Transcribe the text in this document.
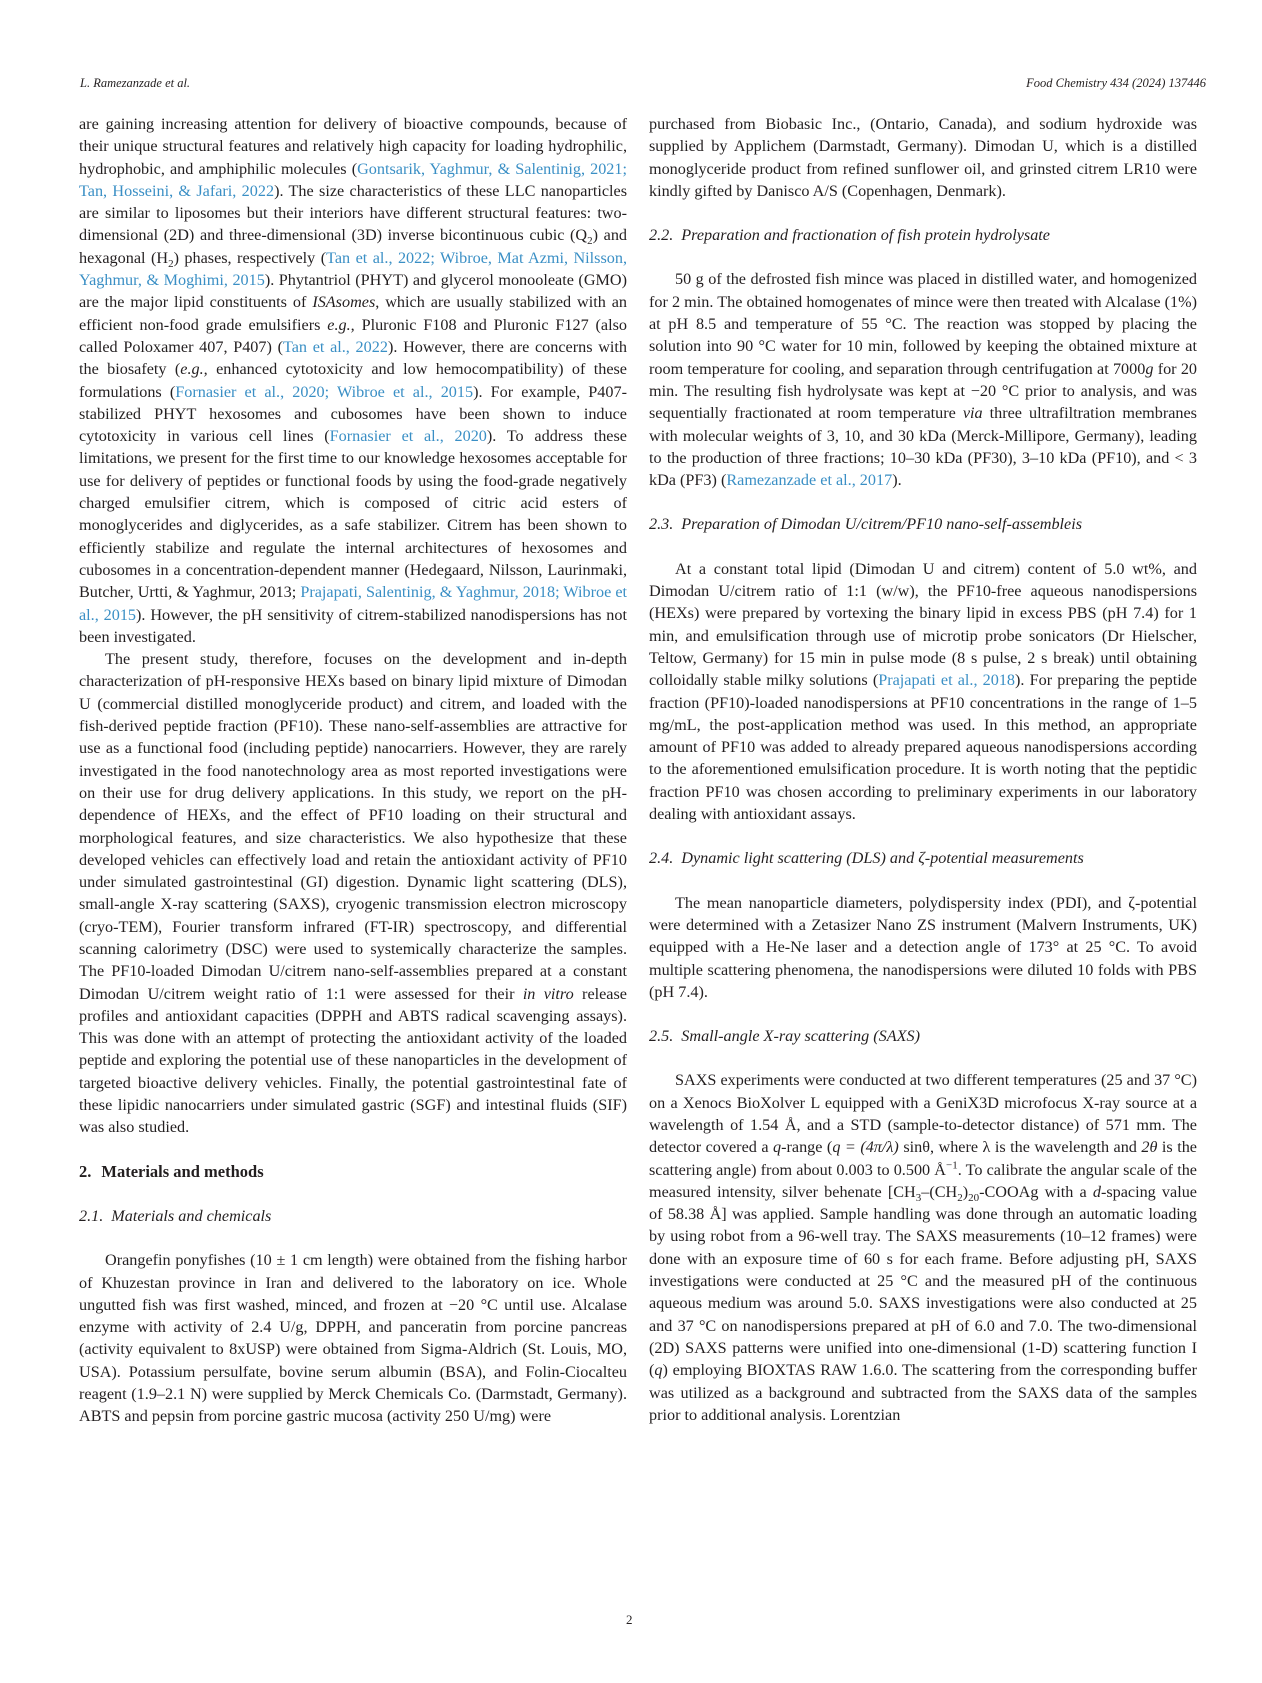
L. Ramezanzade et al.	Food Chemistry 434 (2024) 137446

are gaining increasing attention for delivery of bioactive compounds, because of their unique structural features and relatively high capacity for loading hydrophilic, hydrophobic, and amphiphilic molecules (Gontsarik, Yaghmur, & Salentinig, 2021; Tan, Hosseini, & Jafari, 2022). The size characteristics of these LLC nanoparticles are similar to liposomes but their interiors have different structural features: two-dimensional (2D) and three-dimensional (3D) inverse bicontinuous cubic $(Q_2)$ and hexagonal $(H_2)$ phases, respectively (Tan et al., 2022; Wibroe, Mat Azmi, Nilsson, Yaghmur, & Moghimi, 2015). Phytantriol (PHYT) and glycerol monooleate (GMO) are the major lipid constituents of ISAsomes, which are usually stabilized with an efficient non-food grade emulsifiers e.g., Pluronic F108 and Pluronic F127 (also called Poloxamer 407, P407) (Tan et al., 2022). However, there are concerns with the biosafety (e.g., enhanced cytotoxicity and low hemocompatibility) of these formulations (Fornasier et al., 2020; Wibroe et al., 2015). For example, P407-stabilized PHYT hexosomes and cubosomes have been shown to induce cytotoxicity in various cell lines (Fornasier et al., 2020). To address these limitations, we present for the first time to our knowledge hexosomes acceptable for use for delivery of peptides or functional foods by using the food-grade negatively charged emulsifier citrem, which is composed of citric acid esters of monoglycerides and diglycerides, as a safe stabilizer. Citrem has been shown to efficiently stabilize and regulate the internal architectures of hexosomes and cubosomes in a concentration-dependent manner (Hedegaard, Nilsson, Laurinmaki, Butcher, Urtti, & Yaghmur, 2013; Prajapati, Salentinig, & Yaghmur, 2018; Wibroe et al., 2015). However, the pH sensitivity of citrem-stabilized nanodispersions has not been investigated.

The present study, therefore, focuses on the development and in-depth characterization of pH-responsive HEXs based on binary lipid mixture of Dimodan U (commercial distilled monoglyceride product) and citrem, and loaded with the fish-derived peptide fraction (PF10). These nano-self-assemblies are attractive for use as a functional food (including peptide) nanocarriers. However, they are rarely investigated in the food nanotechnology area as most reported investigations were on their use for drug delivery applications. In this study, we report on the pH-dependence of HEXs, and the effect of PF10 loading on their structural and morphological features, and size characteristics. We also hypothesize that these developed vehicles can effectively load and retain the antioxidant activity of PF10 under simulated gastrointestinal (GI) digestion. Dynamic light scattering (DLS), small-angle X-ray scattering (SAXS), cryogenic transmission electron microscopy (cryo-TEM), Fourier transform infrared (FT-IR) spectroscopy, and differential scanning calorimetry (DSC) were used to systemically characterize the samples. The PF10-loaded Dimodan U/citrem nano-self-assemblies prepared at a constant Dimodan U/citrem weight ratio of 1:1 were assessed for their in vitro release profiles and antioxidant capacities (DPPH and ABTS radical scavenging assays). This was done with an attempt of protecting the antioxidant activity of the loaded peptide and exploring the potential use of these nanoparticles in the development of targeted bioactive delivery vehicles. Finally, the potential gastrointestinal fate of these lipidic nanocarriers under simulated gastric (SGF) and intestinal fluids (SIF) was also studied.

2. Materials and methods

2.1. Materials and chemicals

Orangefin ponyfishes (10 ± 1 cm length) were obtained from the fishing harbor of Khuzestan province in Iran and delivered to the laboratory on ice. Whole ungutted fish was first washed, minced, and frozen at −20 °C until use. Alcalase enzyme with activity of 2.4 U/g, DPPH, and panceratin from porcine pancreas (activity equivalent to 8xUSP) were obtained from Sigma-Aldrich (St. Louis, MO, USA). Potassium persulfate, bovine serum albumin (BSA), and Folin-Ciocalteu reagent (1.9–2.1 N) were supplied by Merck Chemicals Co. (Darmstadt, Germany). ABTS and pepsin from porcine gastric mucosa (activity 250 U/mg) were

purchased from Biobasic Inc., (Ontario, Canada), and sodium hydroxide was supplied by Applichem (Darmstadt, Germany). Dimodan U, which is a distilled monoglyceride product from refined sunflower oil, and grinsted citrem LR10 were kindly gifted by Danisco A/S (Copenhagen, Denmark).

2.2. Preparation and fractionation of fish protein hydrolysate

50 g of the defrosted fish mince was placed in distilled water, and homogenized for 2 min. The obtained homogenates of mince were then treated with Alcalase (1%) at pH 8.5 and temperature of 55 °C. The reaction was stopped by placing the solution into 90 °C water for 10 min, followed by keeping the obtained mixture at room temperature for cooling, and separation through centrifugation at 7000g for 20 min. The resulting fish hydrolysate was kept at −20 °C prior to analysis, and was sequentially fractionated at room temperature via three ultrafiltration membranes with molecular weights of 3, 10, and 30 kDa (Merck-Millipore, Germany), leading to the production of three fractions; 10–30 kDa (PF30), 3–10 kDa (PF10), and < 3 kDa (PF3) (Ramezanzade et al., 2017).

2.3. Preparation of Dimodan U/citrem/PF10 nano-self-assembleis

At a constant total lipid (Dimodan U and citrem) content of 5.0 wt%, and Dimodan U/citrem ratio of 1:1 (w/w), the PF10-free aqueous nanodispersions (HEXs) were prepared by vortexing the binary lipid in excess PBS (pH 7.4) for 1 min, and emulsification through use of microtip probe sonicators (Dr Hielscher, Teltow, Germany) for 15 min in pulse mode (8 s pulse, 2 s break) until obtaining colloidally stable milky solutions (Prajapati et al., 2018). For preparing the peptide fraction (PF10)-loaded nanodispersions at PF10 concentrations in the range of 1–5 mg/mL, the post-application method was used. In this method, an appropriate amount of PF10 was added to already prepared aqueous nanodispersions according to the aforementioned emulsification procedure. It is worth noting that the peptidic fraction PF10 was chosen according to preliminary experiments in our laboratory dealing with antioxidant assays.

2.4. Dynamic light scattering (DLS) and ζ-potential measurements

The mean nanoparticle diameters, polydispersity index (PDI), and ζ-potential were determined with a Zetasizer Nano ZS instrument (Malvern Instruments, UK) equipped with a He-Ne laser and a detection angle of 173° at 25 °C. To avoid multiple scattering phenomena, the nanodispersions were diluted 10 folds with PBS (pH 7.4).

2.5. Small-angle X-ray scattering (SAXS)

SAXS experiments were conducted at two different temperatures (25 and 37 °C) on a Xenocs BioXolver L equipped with a GeniX3D microfocus X-ray source at a wavelength of 1.54 Å, and a STD (sample-to-detector distance) of 571 mm. The detector covered a q-range (q = (4π/λ) sinθ, where λ is the wavelength and 2θ is the scattering angle) from about 0.003 to 0.500 $Å^{-1}$. To calibrate the angular scale of the measured intensity, silver behenate [$CH_3-(CH_2)_{20}$-COOAg with a d-spacing value of 58.38 Å] was applied. Sample handling was done through an automatic loading by using robot from a 96-well tray. The SAXS measurements (10–12 frames) were done with an exposure time of 60 s for each frame. Before adjusting pH, SAXS investigations were conducted at 25 °C and the measured pH of the continuous aqueous medium was around 5.0. SAXS investigations were also conducted at 25 and 37 °C on nanodispersions prepared at pH of 6.0 and 7.0. The two-dimensional (2D) SAXS patterns were unified into one-dimensional (1-D) scattering function I (q) employing BIOXTAS RAW 1.6.0. The scattering from the corresponding buffer was utilized as a background and subtracted from the SAXS data of the samples prior to additional analysis. Lorentzian

2
